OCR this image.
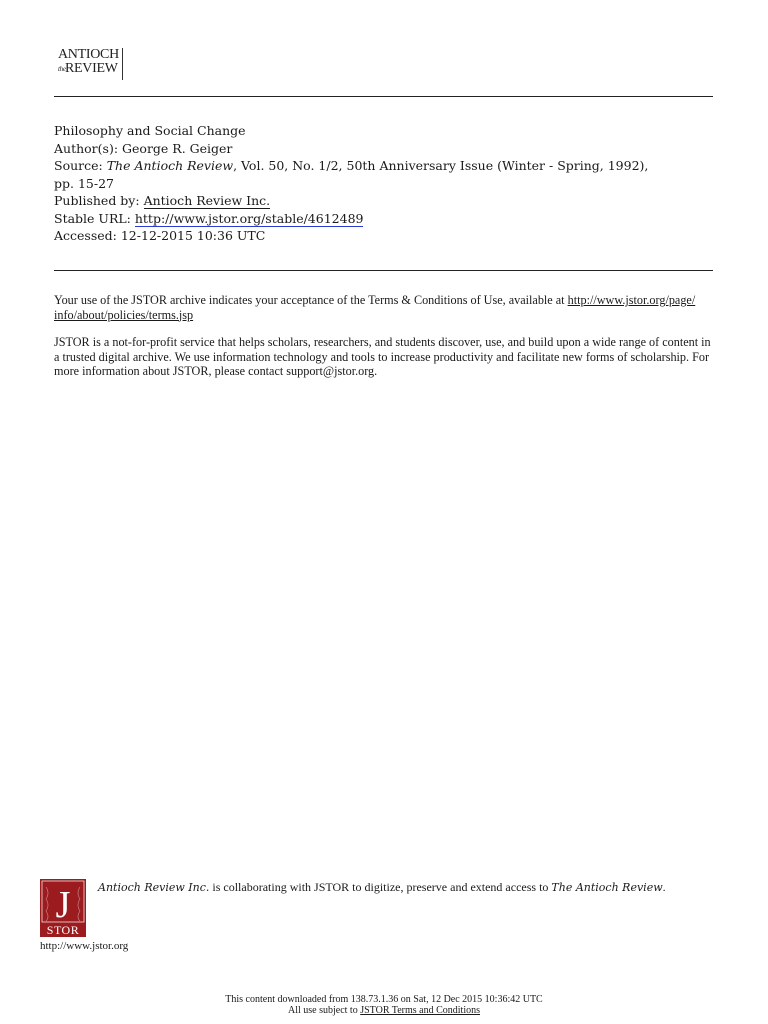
ANTIOCH
the REVIEW
Philosophy and Social Change
Author(s): George R. Geiger
Source: The Antioch Review, Vol. 50, No. 1/2, 50th Anniversary Issue (Winter - Spring, 1992),
pp. 15-27
Published by: Antioch Review Inc.
Stable URL: http://www.jstor.org/stable/4612489
Accessed: 12-12-2015 10:36 UTC
Your use of the JSTOR archive indicates your acceptance of the Terms & Conditions of Use, available at http://www.jstor.org/page/
info/about/policies/terms.jsp
JSTOR is a not-for-profit service that helps scholars, researchers, and students discover, use, and build upon a wide range of content in a trusted digital archive. We use information technology and tools to increase productivity and facilitate new forms of scholarship. For more information about JSTOR, please contact support@jstor.org.
J
STOR
http://www.jstor.org
Antioch Review Inc. is collaborating with JSTOR to digitize, preserve and extend access to The Antioch Review.
This content downloaded from 138.73.1.36 on Sat, 12 Dec 2015 10:36:42 UTC
All use subject to JSTOR Terms and Conditions
